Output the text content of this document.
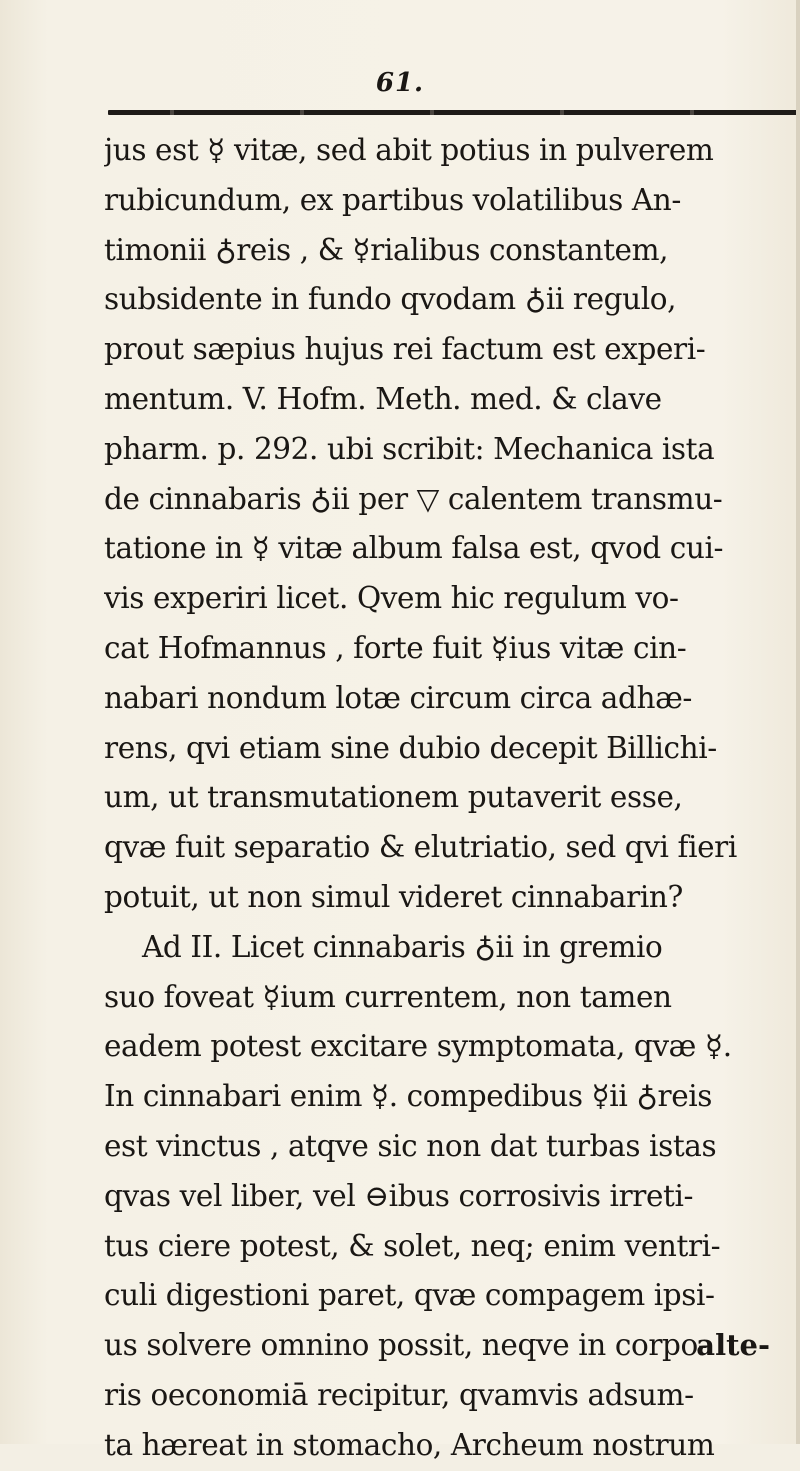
61.
jus est ☿ vitæ, sed abit potius in pulverem
rubicundum, ex partibus volatilibus An-
timonii ♁reis , & ☿rialibus constantem,
subsidente in fundo qvodam ♁ii regulo,
prout sæpius hujus rei factum est experi-
mentum. V. Hofm. Meth. med. & clave
pharm. p. 292. ubi scribit: Mechanica ista
de cinnabaris ♁ii per ▽ calentem transmu-
tatione in ☿ vitæ album falsa est, qvod cui-
vis experiri licet. Qvem hic regulum vo-
cat Hofmannus , forte fuit ☿ius vitæ cin-
nabari nondum lotæ circum circa adhæ-
rens, qvi etiam sine dubio decepit Billichi-
um, ut transmutationem putaverit esse,
qvæ fuit separatio & elutriatio, sed qvi fieri
potuit, ut non simul videret cinnabarin?
Ad II. Licet cinnabaris ♁ii in gremio
suo foveat ☿ium currentem, non tamen
eadem potest excitare symptomata, qvæ ☿.
In cinnabari enim ☿. compedibus ☿ii ♁reis
est vinctus , atqve sic non dat turbas istas
qvas vel liber, vel ⊖ibus corrosivis irreti-
tus ciere potest, & solet, neq; enim ventri-
culi digestioni paret, qvæ compagem ipsi-
us solvere omnino possit, neqve in corpo-
ris oeconomiā recipitur, qvamvis adsum-
ta hæreat in stomacho, Archeum nostrum
alte-
